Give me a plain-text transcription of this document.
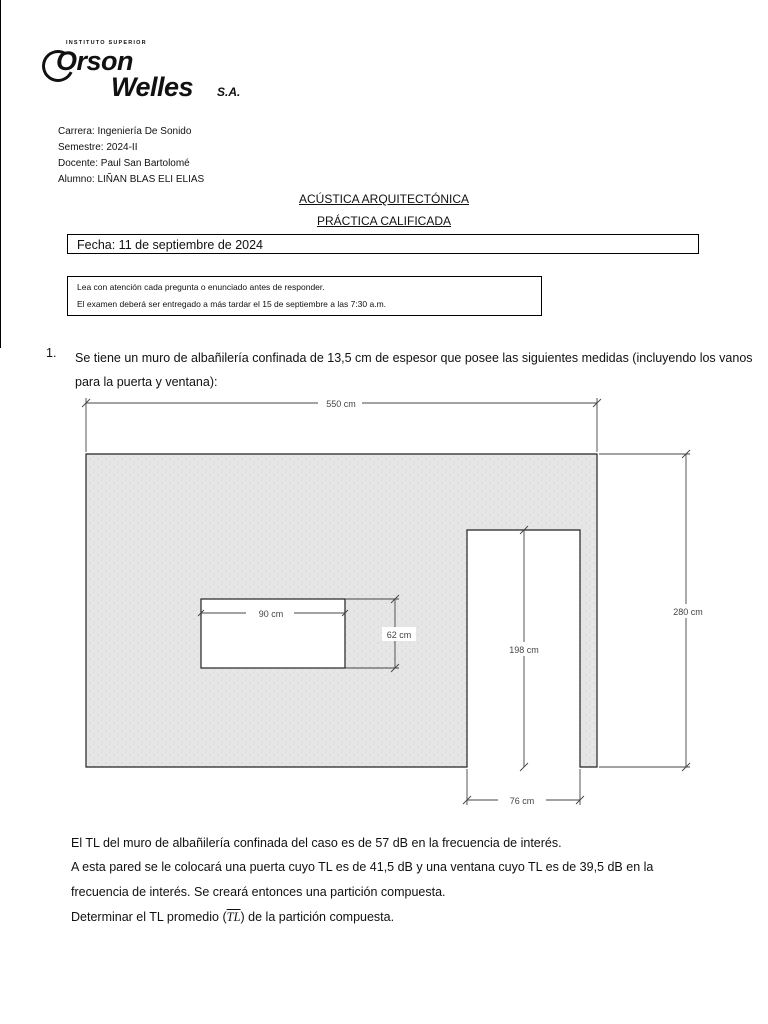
INSTITUTO SUPERIOR
Orson
Welles S.A.
Carrera: Ingeniería De Sonido
Semestre: 2024-II
Docente: Paul San Bartolomé
Alumno: LIÑAN BLAS ELI ELIAS
ACÚSTICA ARQUITECTÓNICA
PRÁCTICA CALIFICADA
Fecha: 11 de septiembre de 2024
Lea con atención cada pregunta o enunciado antes de responder.
El examen deberá ser entregado a más tardar el 15 de septiembre a las 7:30 a.m.
1. Se tiene un muro de albañilería confinada de 13,5 cm de espesor que posee las siguientes medidas (incluyendo los vanos para la puerta y ventana):
550 cm
280 cm
90 cm
62 cm
198 cm
76 cm
El TL del muro de albañilería confinada del caso es de 57 dB en la frecuencia de interés.
A esta pared se le colocará una puerta cuyo TL es de 41,5 dB y una ventana cuyo TL es de 39,5 dB en la
frecuencia de interés. Se creará entonces una partición compuesta.
Determinar el TL promedio $(\overline{TL})$ de la partición compuesta.
